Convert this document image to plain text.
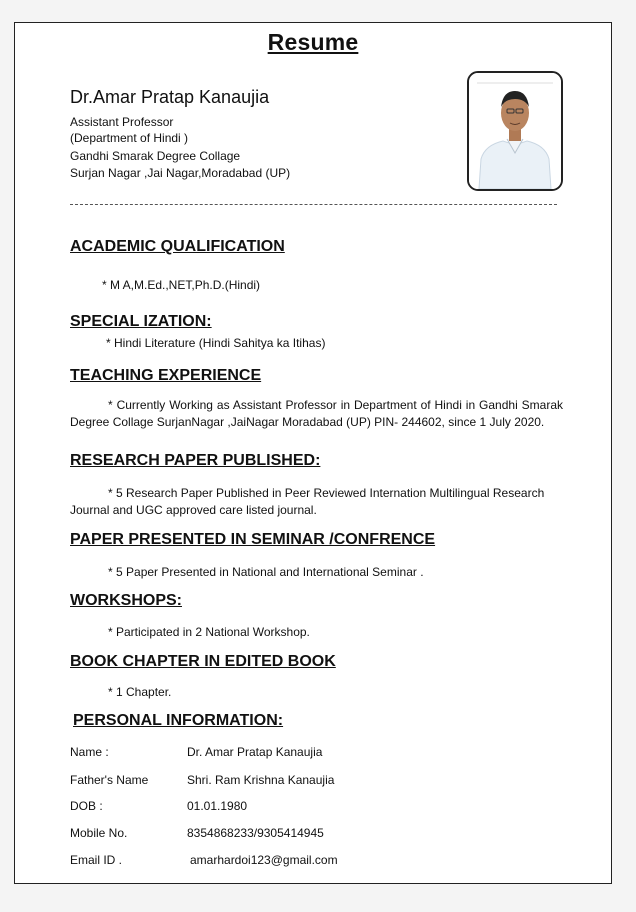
Resume
Dr.Amar Pratap Kanaujia
Assistant Professor
(Department of Hindi )
Gandhi Smarak Degree Collage
Surjan Nagar ,Jai Nagar,Moradabad (UP)
ACADEMIC QUALIFICATION
* M A,M.Ed.,NET,Ph.D.(Hindi)
SPECIAL IZATION:
* Hindi Literature (Hindi Sahitya ka Itihas)
TEACHING EXPERIENCE
* Currently Working as Assistant Professor in Department of Hindi in Gandhi Smarak Degree Collage SurjanNagar ,JaiNagar Moradabad (UP) PIN- 244602, since 1 July 2020.
RESEARCH PAPER PUBLISHED:
* 5 Research Paper Published in Peer Reviewed Internation Multilingual Research Journal and UGC approved care listed journal.
PAPER PRESENTED IN SEMINAR /CONFRENCE
* 5 Paper Presented in National and International Seminar .
WORKSHOPS:
* Participated in 2 National Workshop.
BOOK CHAPTER IN EDITED BOOK
* 1 Chapter.
PERSONAL INFORMATION:
Name :	Dr. Amar Pratap Kanaujia
Father's Name	Shri. Ram Krishna Kanaujia
DOB :	01.01.1980
Mobile No.	8354868233/9305414945
Email ID .	amarhardoi123@gmail.com
